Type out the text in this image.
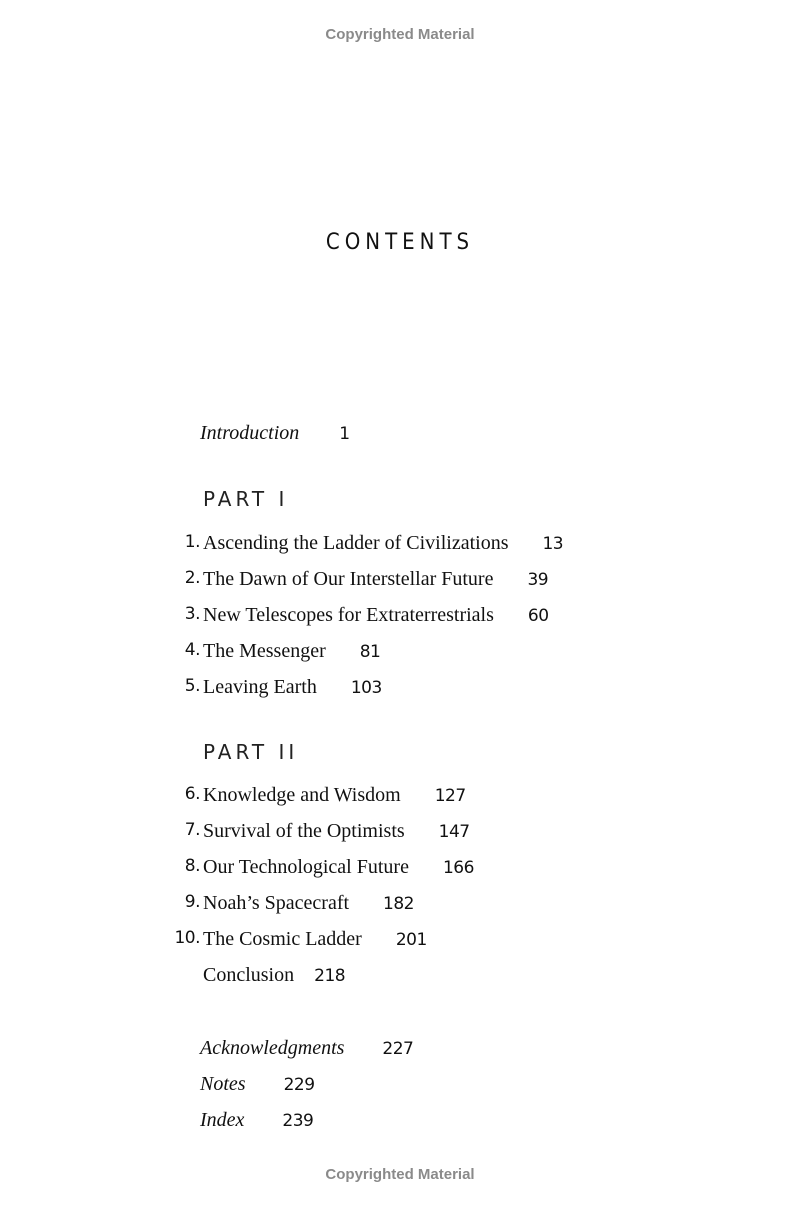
Copyrighted Material
CONTENTS
Introduction 1
PART I
1. Ascending the Ladder of Civilizations 13
2. The Dawn of Our Interstellar Future 39
3. New Telescopes for Extraterrestrials 60
4. The Messenger 81
5. Leaving Earth 103
PART II
6. Knowledge and Wisdom 127
7. Survival of the Optimists 147
8. Our Technological Future 166
9. Noah’s Spacecraft 182
10. The Cosmic Ladder 201
Conclusion 218
Acknowledgments 227
Notes 229
Index 239
Copyrighted Material
